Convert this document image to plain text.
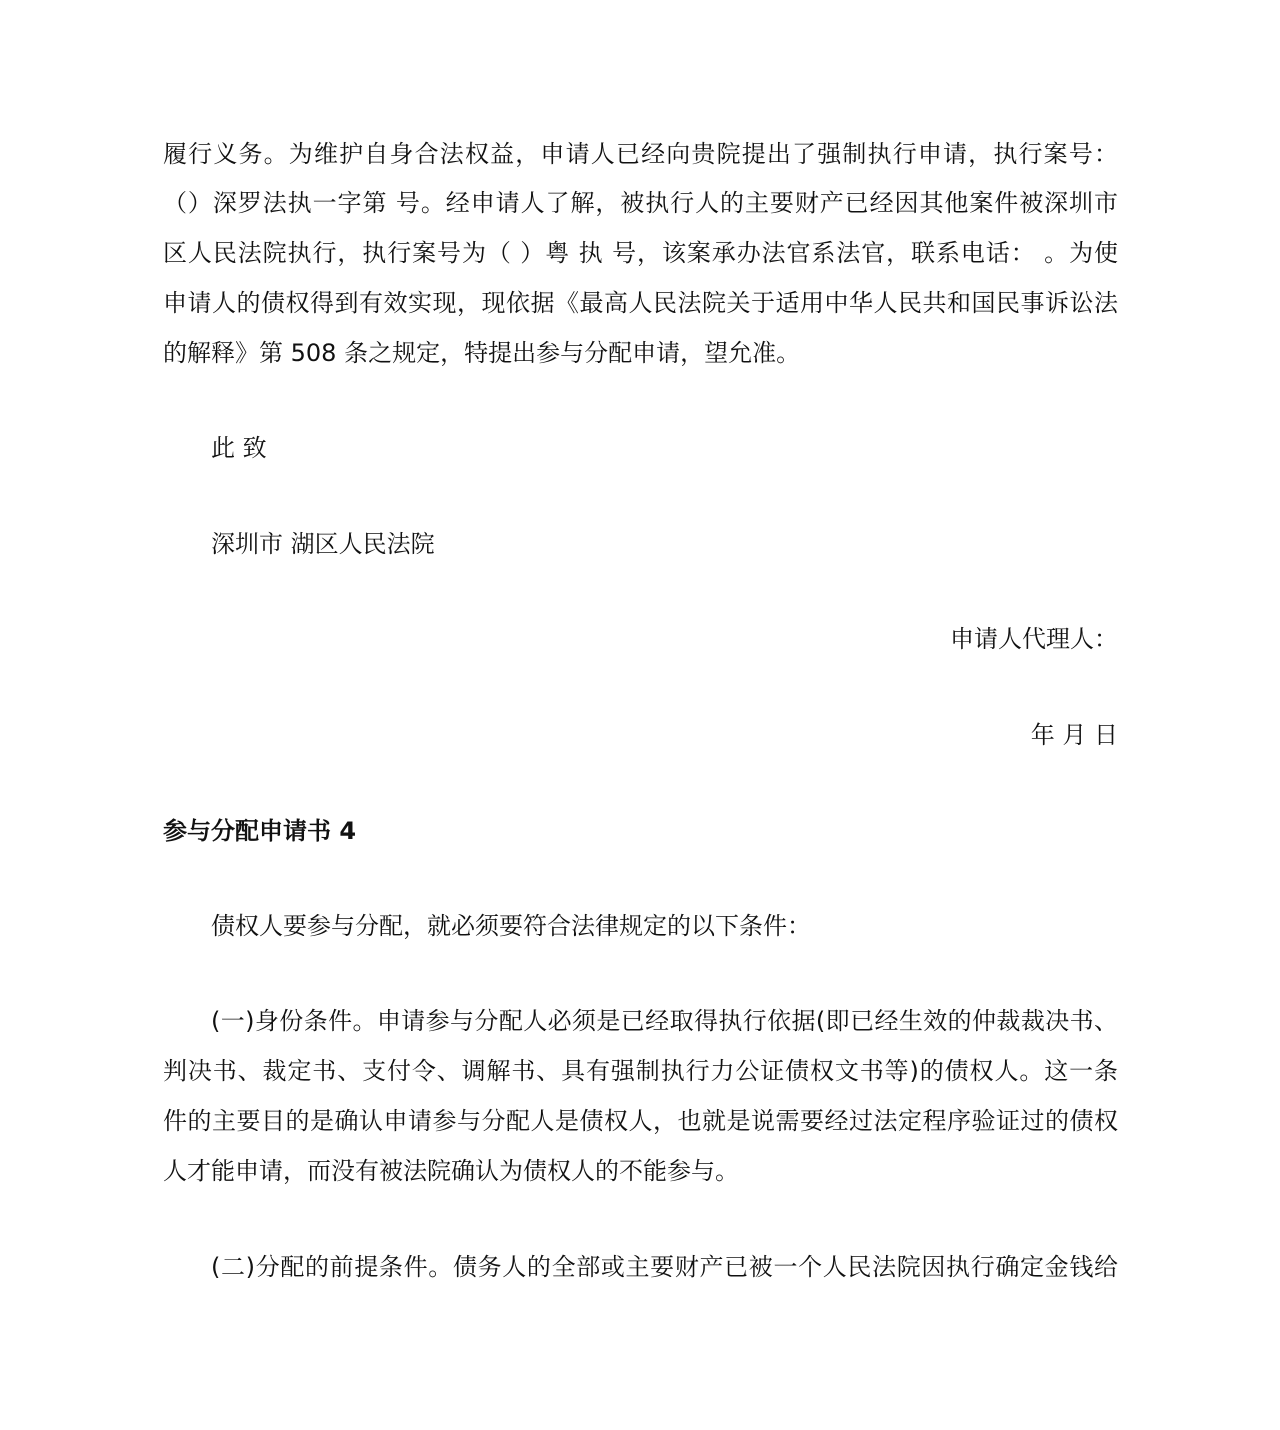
履行义务。为维护自身合法权益，申请人已经向贵院提出了强制执行申请，执行案号：
（）深罗法执一字第 号。经申请人了解，被执行人的主要财产已经因其他案件被深圳市
区人民法院执行，执行案号为（ ）粤 执 号，该案承办法官系法官，联系电话： 。为使
申请人的债权得到有效实现，现依据《最高人民法院关于适用中华人民共和国民事诉讼法
的解释》第 508 条之规定，特提出参与分配申请，望允准。
此 致
深圳市 湖区人民法院
申请人代理人：
年 月 日
参与分配申请书 4
债权人要参与分配，就必须要符合法律规定的以下条件：
(一)身份条件。申请参与分配人必须是已经取得执行依据(即已经生效的仲裁裁决书、
判决书、裁定书、支付令、调解书、具有强制执行力公证债权文书等)的债权人。这一条
件的主要目的是确认申请参与分配人是债权人，也就是说需要经过法定程序验证过的债权
人才能申请，而没有被法院确认为债权人的不能参与。
(二)分配的前提条件。债务人的全部或主要财产已被一个人民法院因执行确定金钱给
